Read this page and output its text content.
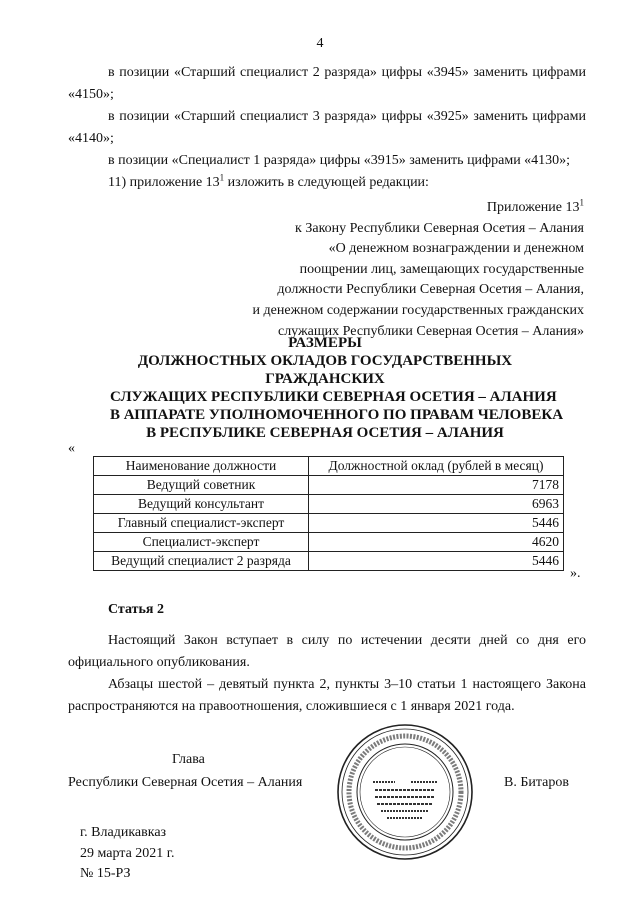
4
в позиции «Старший специалист 2 разряда» цифры «3945» заменить цифрами «4150»;
в позиции «Старший специалист 3 разряда» цифры «3925» заменить цифрами «4140»;
в позиции «Специалист 1 разряда» цифры «3915» заменить цифрами «4130»;
11) приложение $13^1$ изложить в следующей редакции:
Приложение $13^1$
к Закону Республики Северная Осетия – Алания
«О денежном вознаграждении и денежном
поощрении лиц, замещающих государственные
должности Республики Северная Осетия – Алания,
и денежном содержании государственных гражданских
служащих Республики Северная Осетия – Алания»
РАЗМЕРЫ
ДОЛЖНОСТНЫХ ОКЛАДОВ ГОСУДАРСТВЕННЫХ
ГРАЖДАНСКИХ
СЛУЖАЩИХ РЕСПУБЛИКИ СЕВЕРНАЯ ОСЕТИЯ – АЛАНИЯ
В АППАРАТЕ УПОЛНОМОЧЕННОГО ПО ПРАВАМ ЧЕЛОВЕКА
В РЕСПУБЛИКЕ СЕВЕРНАЯ ОСЕТИЯ – АЛАНИЯ
«
Наименование должности	Должностной оклад (рублей в месяц)
Ведущий советник	7178
Ведущий консультант	6963
Главный специалист-эксперт	5446
Специалист-эксперт	4620
Ведущий специалист 2 разряда	5446
».
Статья 2
Настоящий Закон вступает в силу по истечении десяти дней со дня его официального опубликования.
Абзацы шестой – девятый пункта 2, пункты 3–10 статьи 1 настоящего Закона распространяются на правоотношения, сложившиеся с 1 января 2021 года.
Глава
Республики Северная Осетия – Алания	В. Битаров
г. Владикавказ
29 марта 2021 г.
№ 15-РЗ
